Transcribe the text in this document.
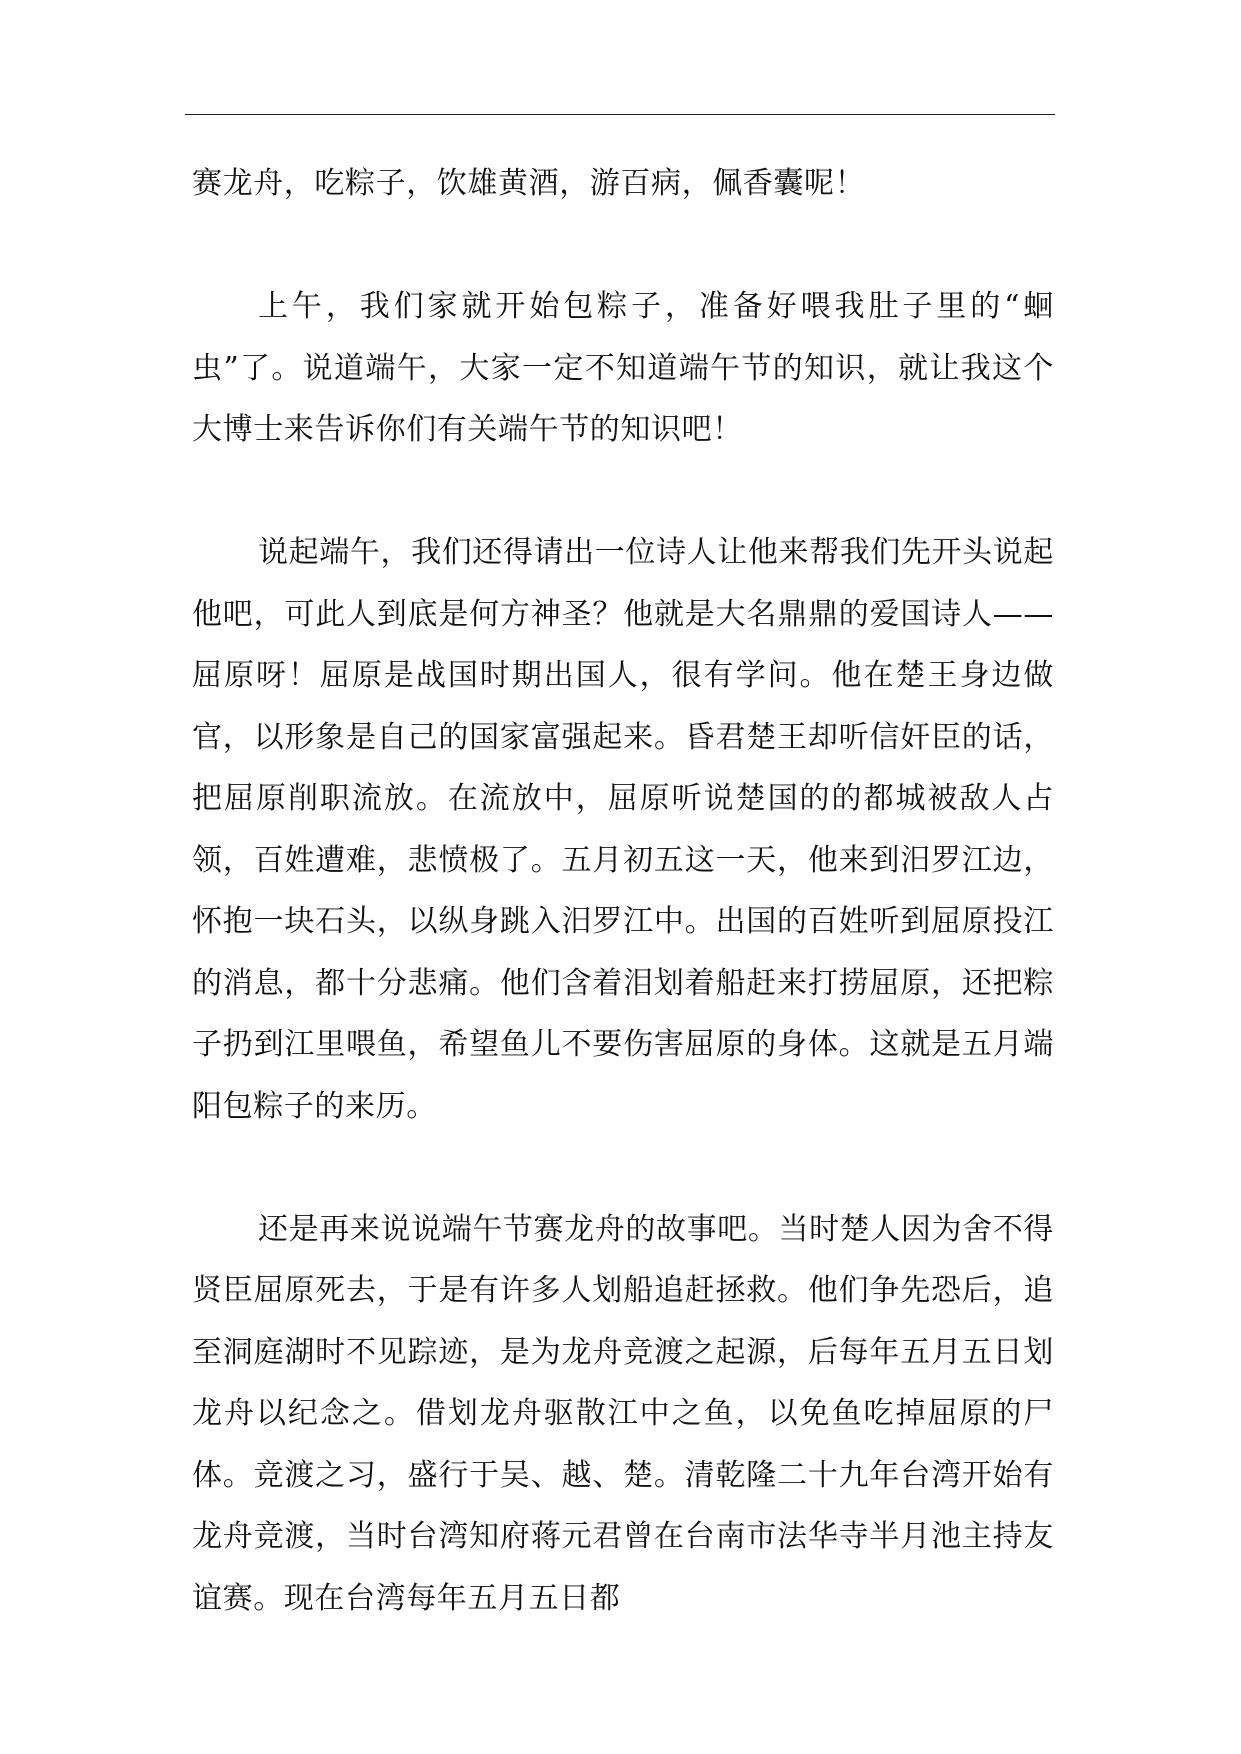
赛龙舟，吃粽子，饮雄黄酒，游百病，佩香囊呢！

上午，我们家就开始包粽子，准备好喂我肚子里的“蛔虫”了。说道端午，大家一定不知道端午节的知识，就让我这个大博士来告诉你们有关端午节的知识吧！

说起端午，我们还得请出一位诗人让他来帮我们先开头说起他吧，可此人到底是何方神圣？他就是大名鼎鼎的爱国诗人——屈原呀！屈原是战国时期出国人，很有学问。他在楚王身边做官，以形象是自己的国家富强起来。昏君楚王却听信奸臣的话，把屈原削职流放。在流放中，屈原听说楚国的的都城被敌人占领，百姓遭难，悲愤极了。五月初五这一天，他来到汨罗江边，怀抱一块石头，以纵身跳入汨罗江中。出国的百姓听到屈原投江的消息，都十分悲痛。他们含着泪划着船赶来打捞屈原，还把粽子扔到江里喂鱼，希望鱼儿不要伤害屈原的身体。这就是五月端阳包粽子的来历。

还是再来说说端午节赛龙舟的故事吧。当时楚人因为舍不得贤臣屈原死去，于是有许多人划船追赶拯救。他们争先恐后，追至洞庭湖时不见踪迹，是为龙舟竞渡之起源，后每年五月五日划龙舟以纪念之。借划龙舟驱散江中之鱼，以免鱼吃掉屈原的尸体。竞渡之习，盛行于吴、越、楚。清乾隆二十九年台湾开始有龙舟竞渡，当时台湾知府蒋元君曾在台南市法华寺半月池主持友谊赛。现在台湾每年五月五日都
